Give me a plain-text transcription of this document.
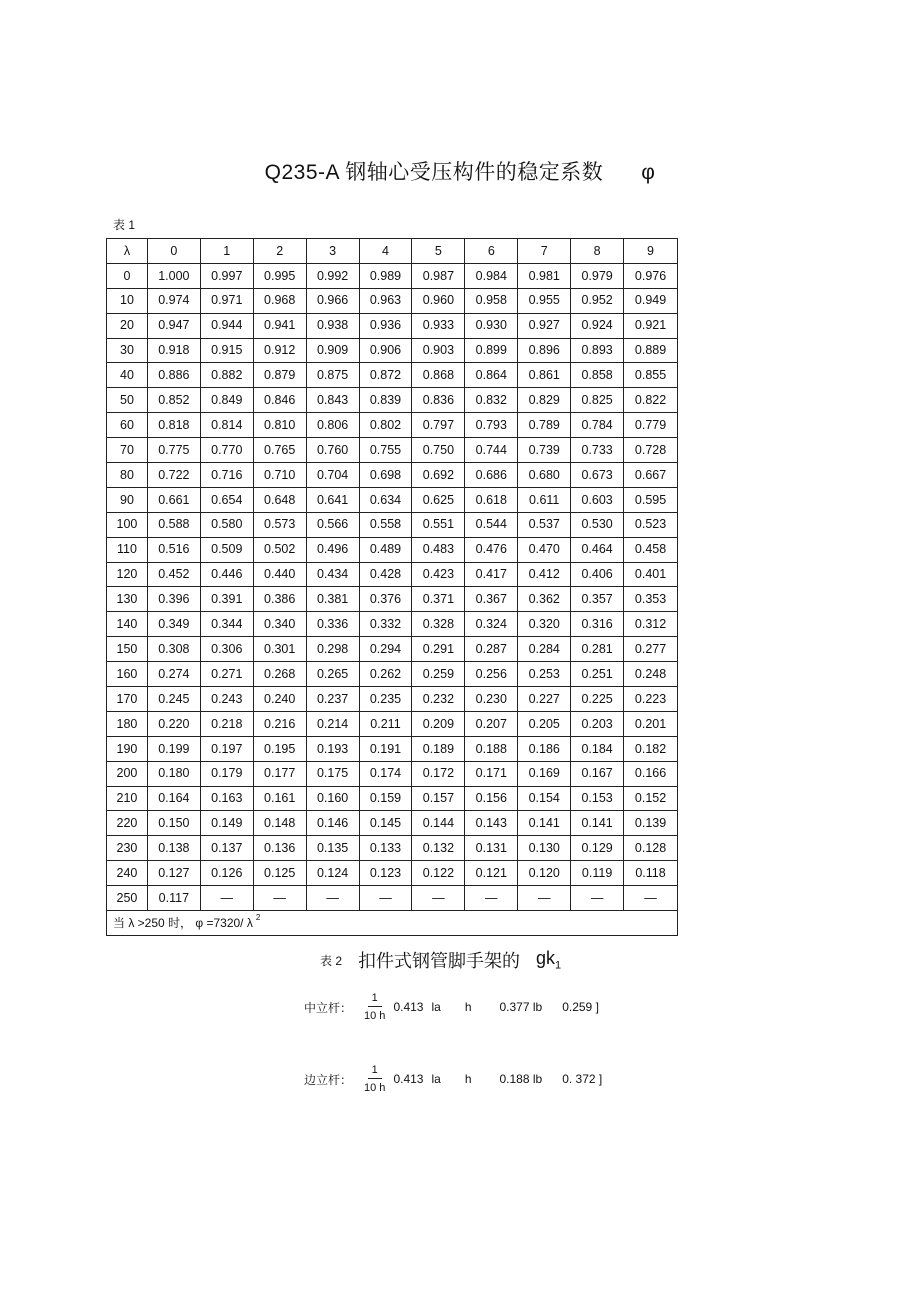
Q235-A 钢轴心受压构件的稳定系数 φ
表 1
λ	0	1	2	3	4	5	6	7	8	9
0	1.000	0.997	0.995	0.992	0.989	0.987	0.984	0.981	0.979	0.976
10	0.974	0.971	0.968	0.966	0.963	0.960	0.958	0.955	0.952	0.949
20	0.947	0.944	0.941	0.938	0.936	0.933	0.930	0.927	0.924	0.921
30	0.918	0.915	0.912	0.909	0.906	0.903	0.899	0.896	0.893	0.889
40	0.886	0.882	0.879	0.875	0.872	0.868	0.864	0.861	0.858	0.855
50	0.852	0.849	0.846	0.843	0.839	0.836	0.832	0.829	0.825	0.822
60	0.818	0.814	0.810	0.806	0.802	0.797	0.793	0.789	0.784	0.779
70	0.775	0.770	0.765	0.760	0.755	0.750	0.744	0.739	0.733	0.728
80	0.722	0.716	0.710	0.704	0.698	0.692	0.686	0.680	0.673	0.667
90	0.661	0.654	0.648	0.641	0.634	0.625	0.618	0.611	0.603	0.595
100	0.588	0.580	0.573	0.566	0.558	0.551	0.544	0.537	0.530	0.523
110	0.516	0.509	0.502	0.496	0.489	0.483	0.476	0.470	0.464	0.458
120	0.452	0.446	0.440	0.434	0.428	0.423	0.417	0.412	0.406	0.401
130	0.396	0.391	0.386	0.381	0.376	0.371	0.367	0.362	0.357	0.353
140	0.349	0.344	0.340	0.336	0.332	0.328	0.324	0.320	0.316	0.312
150	0.308	0.306	0.301	0.298	0.294	0.291	0.287	0.284	0.281	0.277
160	0.274	0.271	0.268	0.265	0.262	0.259	0.256	0.253	0.251	0.248
170	0.245	0.243	0.240	0.237	0.235	0.232	0.230	0.227	0.225	0.223
180	0.220	0.218	0.216	0.214	0.211	0.209	0.207	0.205	0.203	0.201
190	0.199	0.197	0.195	0.193	0.191	0.189	0.188	0.186	0.184	0.182
200	0.180	0.179	0.177	0.175	0.174	0.172	0.171	0.169	0.167	0.166
210	0.164	0.163	0.161	0.160	0.159	0.157	0.156	0.154	0.153	0.152
220	0.150	0.149	0.148	0.146	0.145	0.144	0.143	0.141	0.141	0.139
230	0.138	0.137	0.136	0.135	0.133	0.132	0.131	0.130	0.129	0.128
240	0.127	0.126	0.125	0.124	0.123	0.122	0.121	0.120	0.119	0.118
250	0.117	—	—	—	—	—	—	—	—	—
当 λ >250 时， φ =7320/ λ $^2$
表 2 扣件式钢管脚手架的 $gk_1$
中立杆： $\frac{1}{10 h} 0.413$ la h 0.377 lb 0.259 ]
边立杆： $\frac{1}{10 h} 0.413$ la h 0.188 lb 0. 372 ]
